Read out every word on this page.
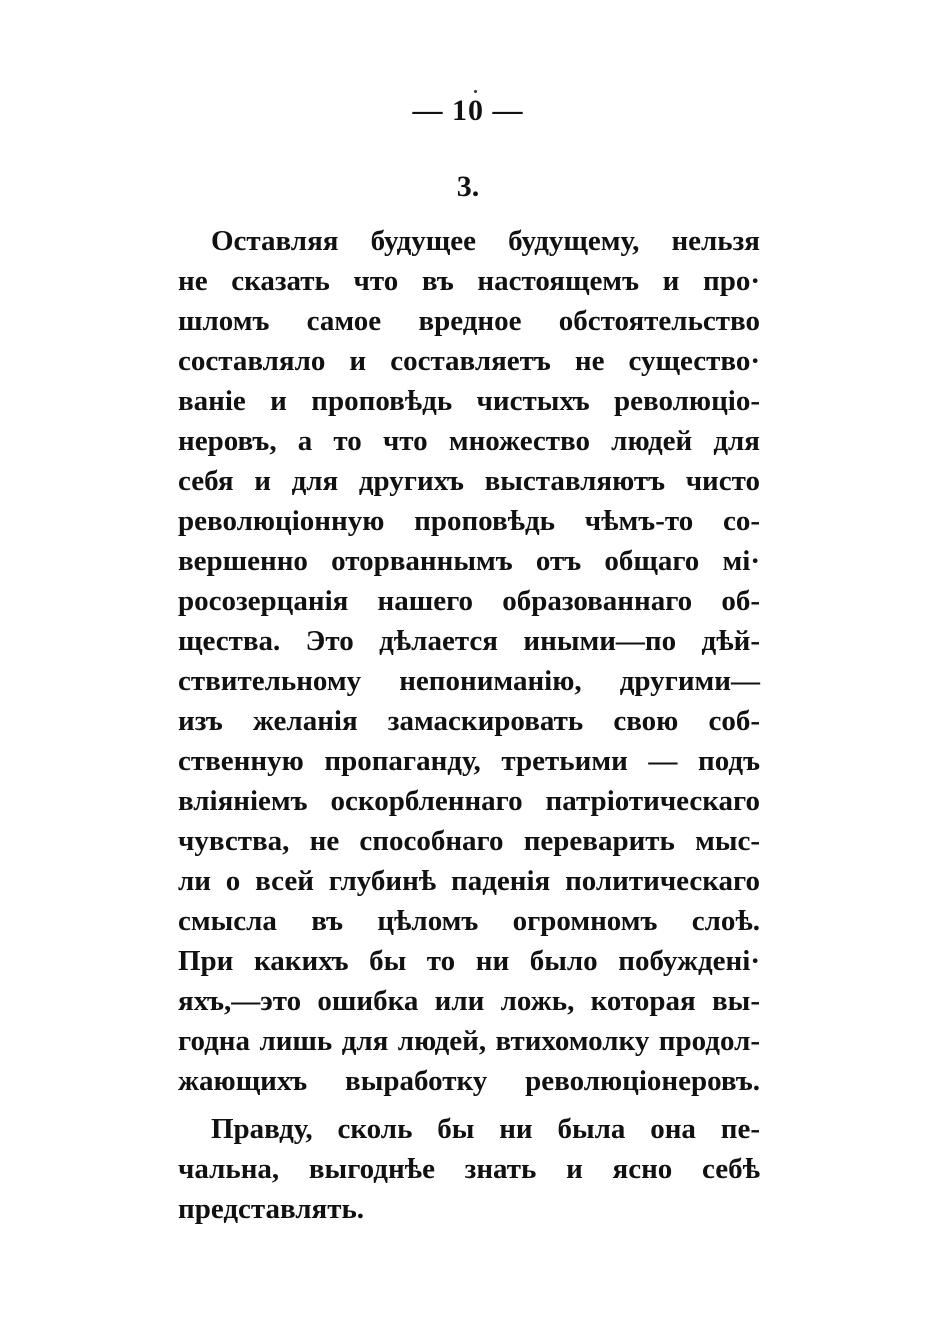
— 10 —
3.
Оставляя будущее будущему, нельзя
не сказать что въ настоящемъ и про·
шломъ самое вредное обстоятельство
составляло и составляетъ не существо·
ваніе и проповѣдь чистыхъ революціо-
неровъ, а то что множество людей для
себя и для другихъ выставляютъ чисто
революціонную проповѣдь чѣмъ-то со-
вершенно оторваннымъ отъ общаго мі·
росозерцанія нашего образованнаго об-
щества. Это дѣлается иными—по дѣй-
ствительному непониманію, другими—
изъ желанія замаскировать свою соб-
ственную пропаганду, третьими — подъ
вліяніемъ оскорбленнаго патріотическаго
чувства, не способнаго переварить мыс-
ли о всей глубинѣ паденія политическаго
смысла въ цѣломъ огромномъ слоѣ.
При какихъ бы то ни было побужденi·
яхъ,—это ошибка или ложь, которая вы-
годна лишь для людей, втихомолку продол-
жающихъ выработку революціонеровъ.
Правду, сколь бы ни была она пе-
чальна, выгоднѣе знать и ясно себѣ
представлять.
